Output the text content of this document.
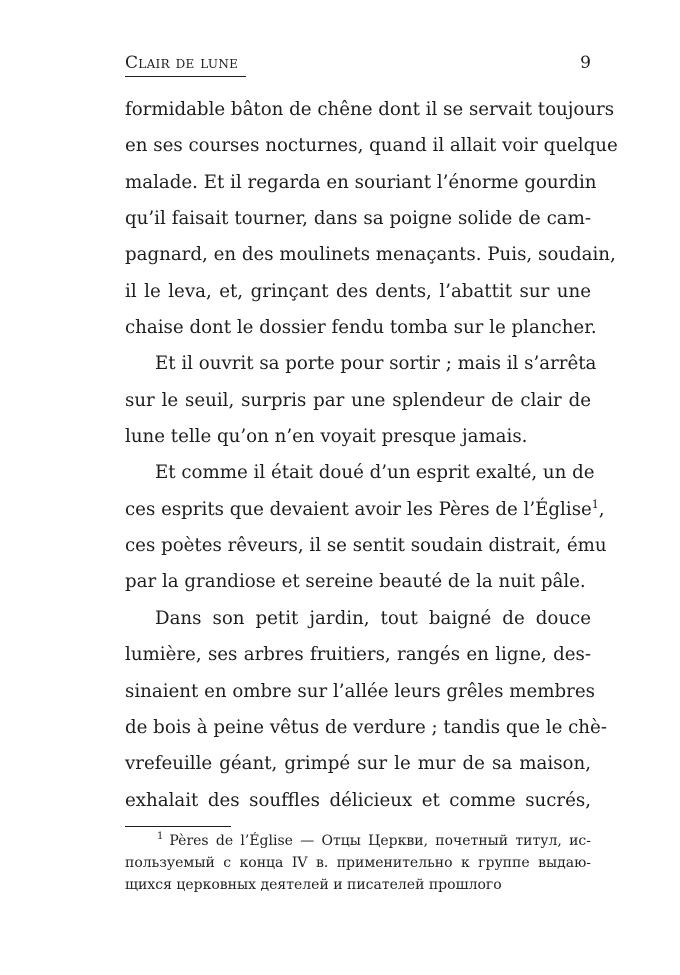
Clair de lune	9
formidable bâton de chêne dont il se servait toujours
en ses courses nocturnes, quand il allait voir quelque
malade. Et il regarda en souriant l’énorme gourdin
qu’il faisait tourner, dans sa poigne solide de cam-
pagnard, en des moulinets menaçants. Puis, soudain,
il le leva, et, grinçant des dents, l’abattit sur une
chaise dont le dossier fendu tomba sur le plancher.
Et il ouvrit sa porte pour sortir ; mais il s’arrêta
sur le seuil, surpris par une splendeur de clair de
lune telle qu’on n’en voyait presque jamais.
Et comme il était doué d’un esprit exalté, un de
ces esprits que devaient avoir les Pères de l’Église$^1$,
ces poètes rêveurs, il se sentit soudain distrait, ému
par la grandiose et sereine beauté de la nuit pâle.
Dans son petit jardin, tout baigné de douce
lumière, ses arbres fruitiers, rangés en ligne, des-
sinaient en ombre sur l’allée leurs grêles membres
de bois à peine vêtus de verdure ; tandis que le chè-
vrefeuille géant, grimpé sur le mur de sa maison,
exhalait des souffles délicieux et comme sucrés,
$^1$ Pères de l’Église — Отцы Церкви, почетный титул, ис-
пользуемый с конца IV в. применительно к группе выдаю-
щихся церковных деятелей и писателей прошлого
